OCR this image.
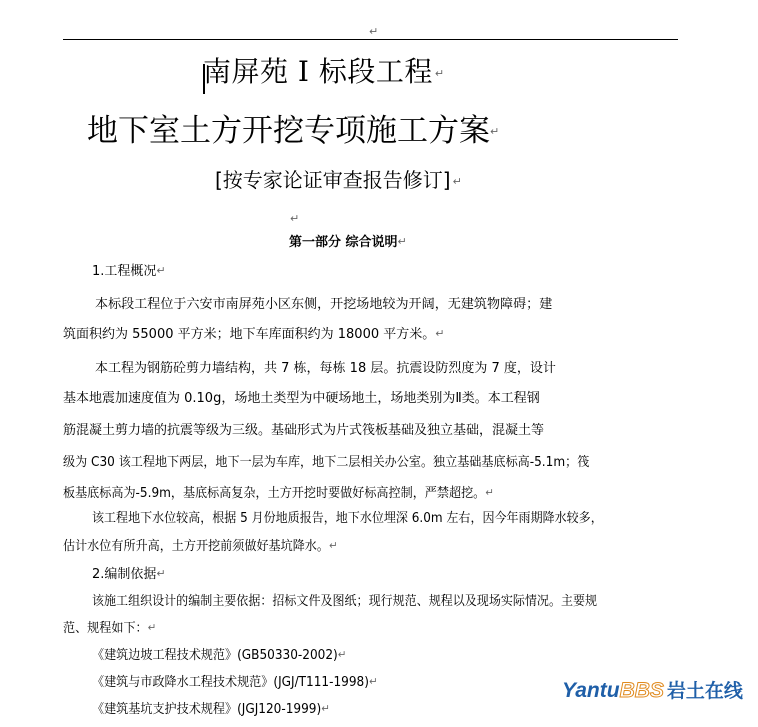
↵
南屏苑 I 标段工程 ↵
地下室土方开挖专项施工方案↵
[按专家论证审查报告修订] ↵
↵
第一部分 综合说明 ↵
1.工程概况 ↵
本标段工程位于六安市南屏苑小区东侧，开挖场地较为开阔，无建筑物障碍；建
筑面积约为 55000 平方米；地下车库面积约为 18000 平方米。 ↵
本工程为钢筋砼剪力墙结构，共 7 栋，每栋 18 层。抗震设防烈度为 7 度，设计
基本地震加速度值为 0.10g，场地土类型为中硬场地土，场地类别为Ⅱ类。本工程钢
筋混凝土剪力墙的抗震等级为三级。基础形式为片式筏板基础及独立基础，混凝土等
级为 C30 该工程地下两层，地下一层为车库，地下二层相关办公室。独立基础基底标高-5.1m；筏
板基底标高为-5.9m，基底标高复杂，土方开挖时要做好标高控制，严禁超挖。 ↵
该工程地下水位较高，根据 5 月份地质报告，地下水位埋深 6.0m 左右，因今年雨期降水较多，
估计水位有所升高，土方开挖前须做好基坑降水。 ↵
2.编制依据 ↵
该施工组织设计的编制主要依据：招标文件及图纸；现行规范、规程以及现场实际情况。主要规
范、规程如下： ↵
《建筑边坡工程技术规范》(GB50330-2002) ↵
《建筑与市政降水工程技术规范》(JGJ/T111-1998) ↵
《建筑基坑支护技术规程》(JGJ120-1999) ↵
YantuBBS 岩土在线
